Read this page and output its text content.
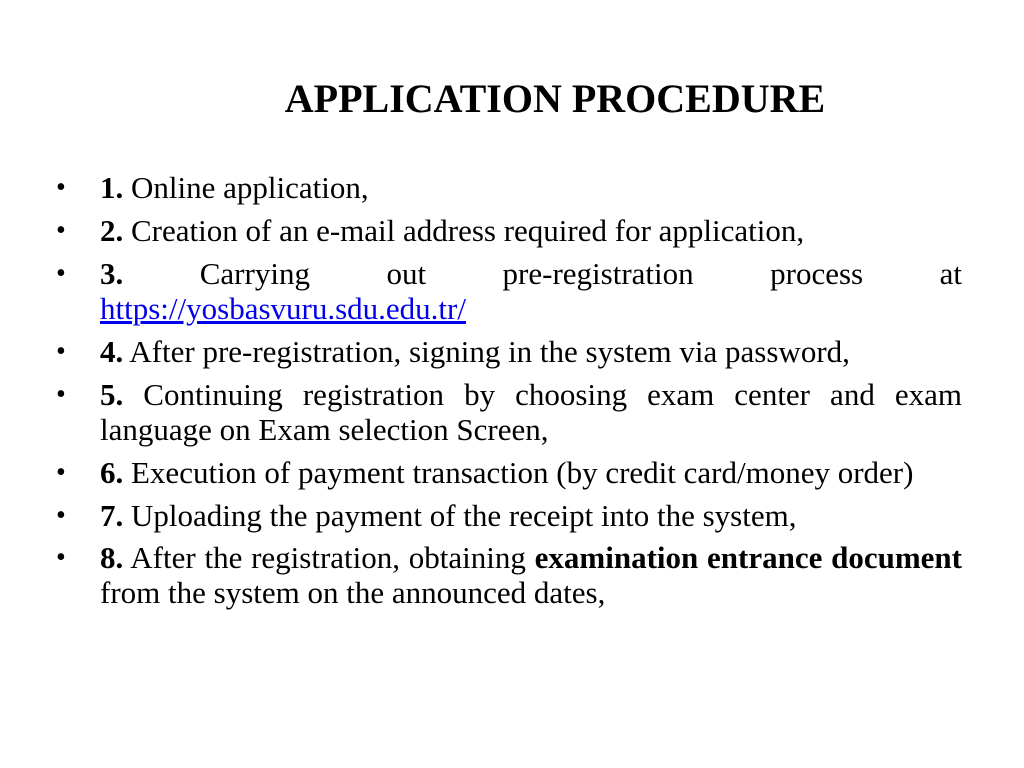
APPLICATION PROCEDURE
•	1. Online application,
•	2. Creation of an e-mail address required for application,
•	3. Carrying out pre-registration process at
https://yosbasvuru.sdu.edu.tr/
•	4. After pre-registration, signing in the system via password,
•	5. Continuing registration by choosing exam center and exam language on Exam selection Screen,
•	6. Execution of payment transaction (by credit card/money order)
•	7. Uploading the payment of the receipt into the system,
•	8. After the registration, obtaining examination entrance document from the system on the announced dates,
